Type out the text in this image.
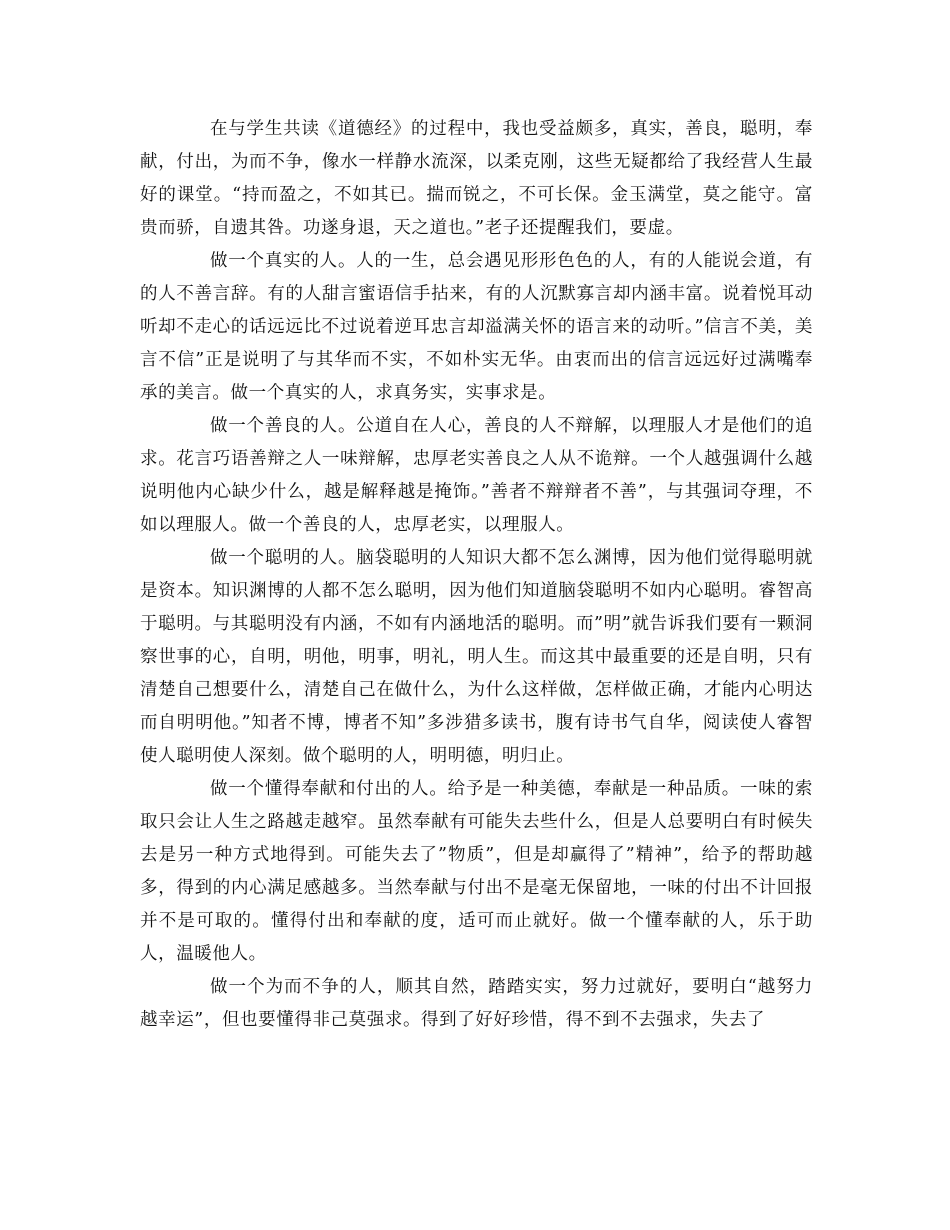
在与学生共读《道德经》的过程中，我也受益颇多，真实，善良，聪明，奉献，付出，为而不争，像水一样静水流深，以柔克刚，这些无疑都给了我经营人生最好的课堂。“持而盈之，不如其已。揣而锐之，不可长保。金玉满堂，莫之能守。富贵而骄，自遗其咎。功遂身退，天之道也。”老子还提醒我们，要虚。

做一个真实的人。人的一生，总会遇见形形色色的人，有的人能说会道，有的人不善言辞。有的人甜言蜜语信手拈来，有的人沉默寡言却内涵丰富。说着悦耳动听却不走心的话远远比不过说着逆耳忠言却溢满关怀的语言来的动听。”信言不美，美言不信”正是说明了与其华而不实，不如朴实无华。由衷而出的信言远远好过满嘴奉承的美言。做一个真实的人，求真务实，实事求是。

做一个善良的人。公道自在人心，善良的人不辩解，以理服人才是他们的追求。花言巧语善辩之人一味辩解，忠厚老实善良之人从不诡辩。一个人越强调什么越说明他内心缺少什么，越是解释越是掩饰。”善者不辩辩者不善”，与其强词夺理，不如以理服人。做一个善良的人，忠厚老实，以理服人。

做一个聪明的人。脑袋聪明的人知识大都不怎么渊博，因为他们觉得聪明就是资本。知识渊博的人都不怎么聪明，因为他们知道脑袋聪明不如内心聪明。睿智高于聪明。与其聪明没有内涵，不如有内涵地活的聪明。而”明”就告诉我们要有一颗洞察世事的心，自明，明他，明事，明礼，明人生。而这其中最重要的还是自明，只有清楚自己想要什么，清楚自己在做什么，为什么这样做，怎样做正确，才能内心明达而自明明他。”知者不博，博者不知”多涉猎多读书，腹有诗书气自华，阅读使人睿智使人聪明使人深刻。做个聪明的人，明明德，明归止。

做一个懂得奉献和付出的人。给予是一种美德，奉献是一种品质。一味的索取只会让人生之路越走越窄。虽然奉献有可能失去些什么，但是人总要明白有时候失去是另一种方式地得到。可能失去了”物质”，但是却赢得了”精神”，给予的帮助越多，得到的内心满足感越多。当然奉献与付出不是毫无保留地，一味的付出不计回报并不是可取的。懂得付出和奉献的度，适可而止就好。做一个懂奉献的人，乐于助人，温暖他人。

做一个为而不争的人，顺其自然，踏踏实实，努力过就好，要明白“越努力越幸运”，但也要懂得非己莫强求。得到了好好珍惜，得不到不去强求，失去了
